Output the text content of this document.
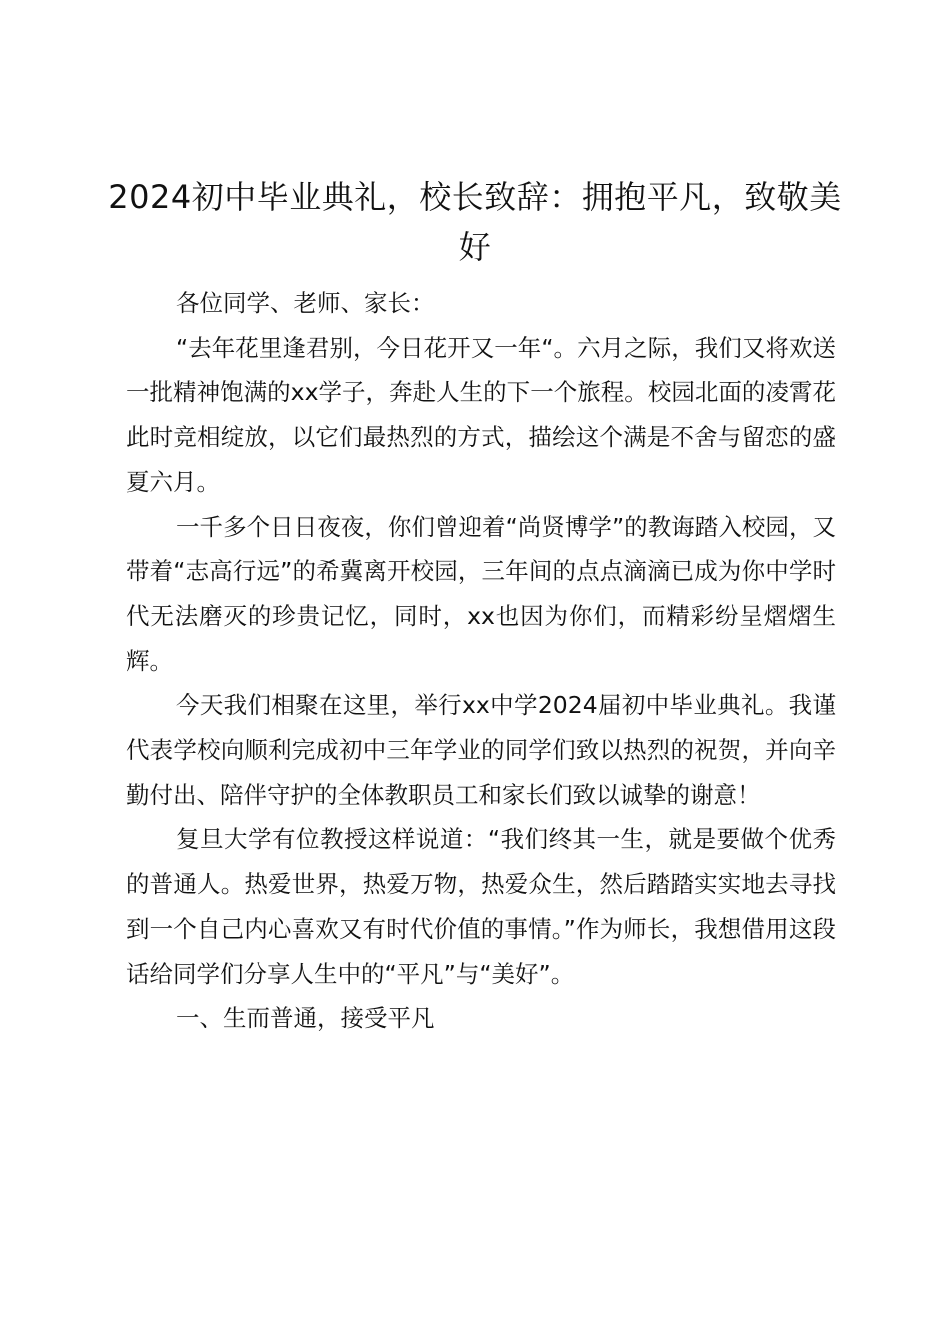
2024初中毕业典礼，校长致辞：拥抱平凡，致敬美好

各位同学、老师、家长：

“去年花里逢君别，今日花开又一年“。六月之际，我们又将欢送一批精神饱满的xx学子，奔赴人生的下一个旅程。校园北面的凌霄花此时竞相绽放，以它们最热烈的方式，描绘这个满是不舍与留恋的盛夏六月。

一千多个日日夜夜，你们曾迎着“尚贤博学”的教诲踏入校园，又带着“志高行远”的希冀离开校园，三年间的点点滴滴已成为你中学时代无法磨灭的珍贵记忆，同时，xx也因为你们，而精彩纷呈熠熠生辉。

今天我们相聚在这里，举行xx中学2024届初中毕业典礼。我谨代表学校向顺利完成初中三年学业的同学们致以热烈的祝贺，并向辛勤付出、陪伴守护的全体教职员工和家长们致以诚挚的谢意！

复旦大学有位教授这样说道：“我们终其一生，就是要做个优秀的普通人。热爱世界，热爱万物，热爱众生，然后踏踏实实地去寻找到一个自己内心喜欢又有时代价值的事情。”作为师长，我想借用这段话给同学们分享人生中的“平凡”与“美好”。

一、生而普通，接受平凡
